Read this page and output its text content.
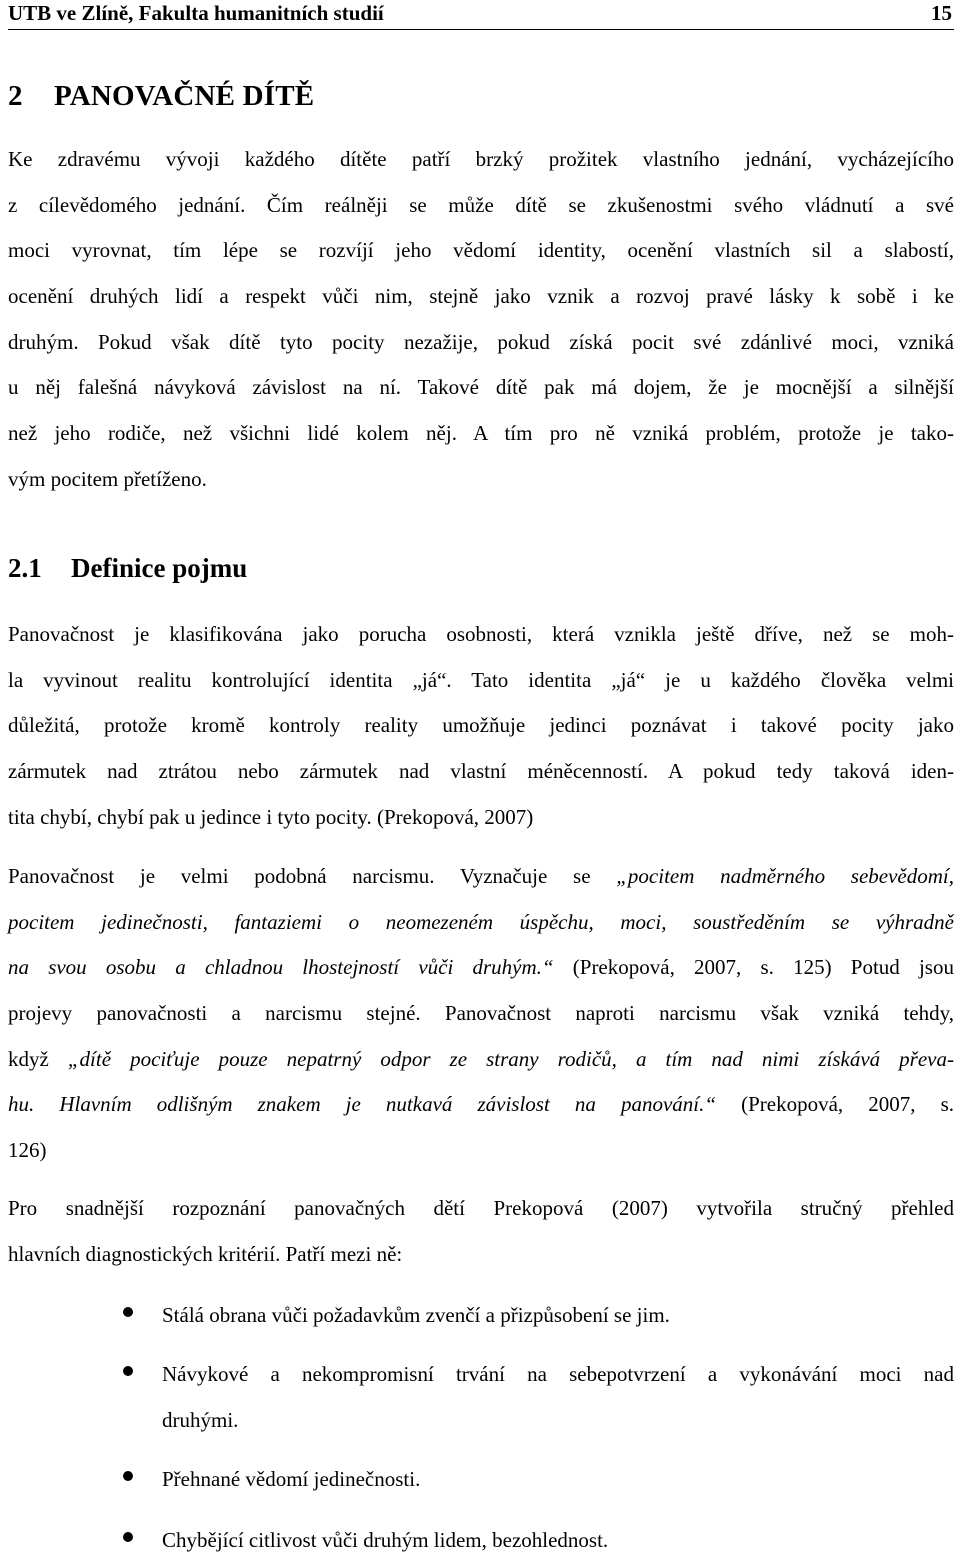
UTB ve Zlíně, Fakulta humanitních studií	15
2 PANOVAČNÉ DÍTĚ
Ke zdravému vývoji každého dítěte patří brzký prožitek vlastního jednání, vycházejícího
z cílevědomého jednání. Čím reálněji se může dítě se zkušenostmi svého vládnutí a své
moci vyrovnat, tím lépe se rozvíjí jeho vědomí identity, ocenění vlastních sil a slabostí,
ocenění druhých lidí a respekt vůči nim, stejně jako vznik a rozvoj pravé lásky k sobě i ke
druhým. Pokud však dítě tyto pocity nezažije, pokud získá pocit své zdánlivé moci, vzniká
u něj falešná návyková závislost na ní. Takové dítě pak má dojem, že je mocnější a silnější
než jeho rodiče, než všichni lidé kolem něj. A tím pro ně vzniká problém, protože je tako-
vým pocitem přetíženo.
2.1 Definice pojmu
Panovačnost je klasifikována jako porucha osobnosti, která vznikla ještě dříve, než se moh-
la vyvinout realitu kontrolující identita „já“. Tato identita „já“ je u každého člověka velmi
důležitá, protože kromě kontroly reality umožňuje jedinci poznávat i takové pocity jako
zármutek nad ztrátou nebo zármutek nad vlastní méněcenností. A pokud tedy taková iden-
tita chybí, chybí pak u jedince i tyto pocity. (Prekopová, 2007)
Panovačnost je velmi podobná narcismu. Vyznačuje se „pocitem nadměrného sebevědomí,
pocitem jedinečnosti, fantaziemi o neomezeném úspěchu, moci, soustředěním se výhradně
na svou osobu a chladnou lhostejností vůči druhým.“ (Prekopová, 2007, s. 125) Potud jsou
projevy panovačnosti a narcismu stejné. Panovačnost naproti narcismu však vzniká tehdy,
když „dítě pociťuje pouze nepatrný odpor ze strany rodičů, a tím nad nimi získává převa-
hu. Hlavním odlišným znakem je nutkavá závislost na panování.“ (Prekopová, 2007, s.
126)
Pro snadnější rozpoznání panovačných dětí Prekopová (2007) vytvořila stručný přehled
hlavních diagnostických kritérií. Patří mezi ně:
Stálá obrana vůči požadavkům zvenčí a přizpůsobení se jim.
Návykové a nekompromisní trvání na sebepotvrzení a vykonávání moci nad
druhými.
Přehnané vědomí jedinečnosti.
Chybějící citlivost vůči druhým lidem, bezohlednost.
